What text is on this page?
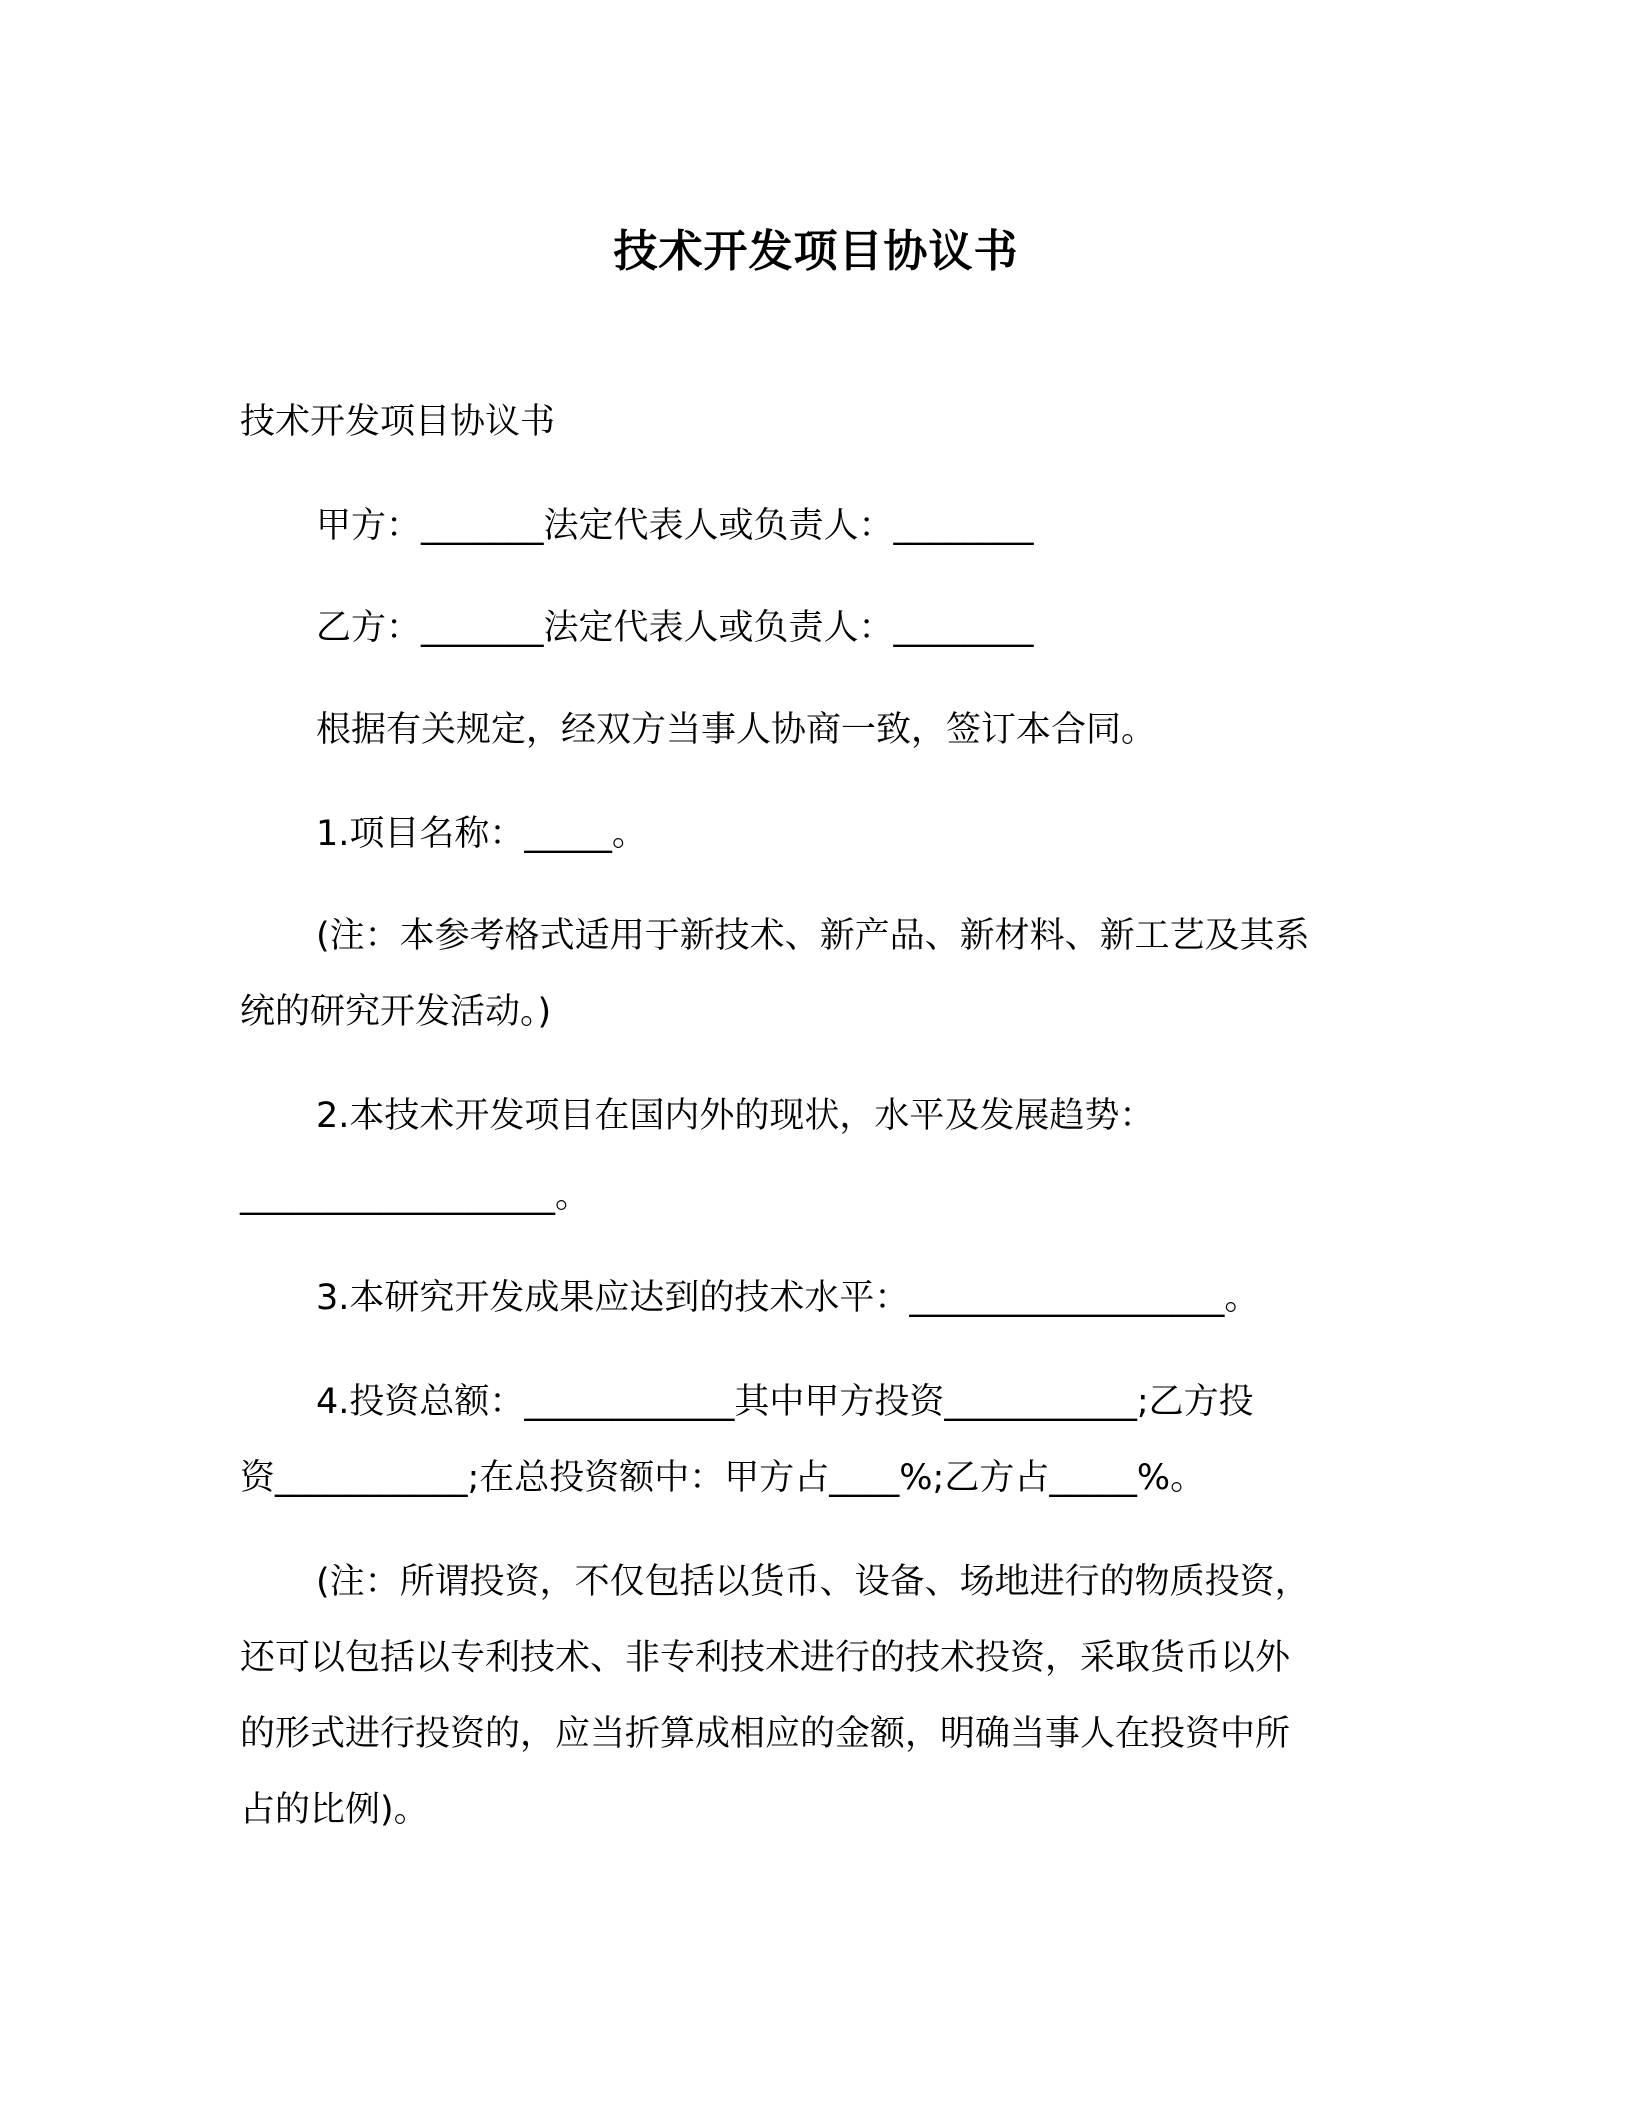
技术开发项目协议书

技术开发项目协议书

甲方：_______法定代表人或负责人：________

乙方：_______法定代表人或负责人：________

根据有关规定，经双方当事人协商一致，签订本合同。

1.项目名称：_____。

(注：本参考格式适用于新技术、新产品、新材料、新工艺及其系

统的研究开发活动。)

2.本技术开发项目在国内外的现状，水平及发展趋势：

__________________。

3.本研究开发成果应达到的技术水平：__________________。

4.投资总额：____________其中甲方投资___________;乙方投

资___________;在总投资额中：甲方占____%;乙方占_____%。

(注：所谓投资，不仅包括以货币、设备、场地进行的物质投资，

还可以包括以专利技术、非专利技术进行的技术投资，采取货币以外

的形式进行投资的，应当折算成相应的金额，明确当事人在投资中所

占的比例)。
